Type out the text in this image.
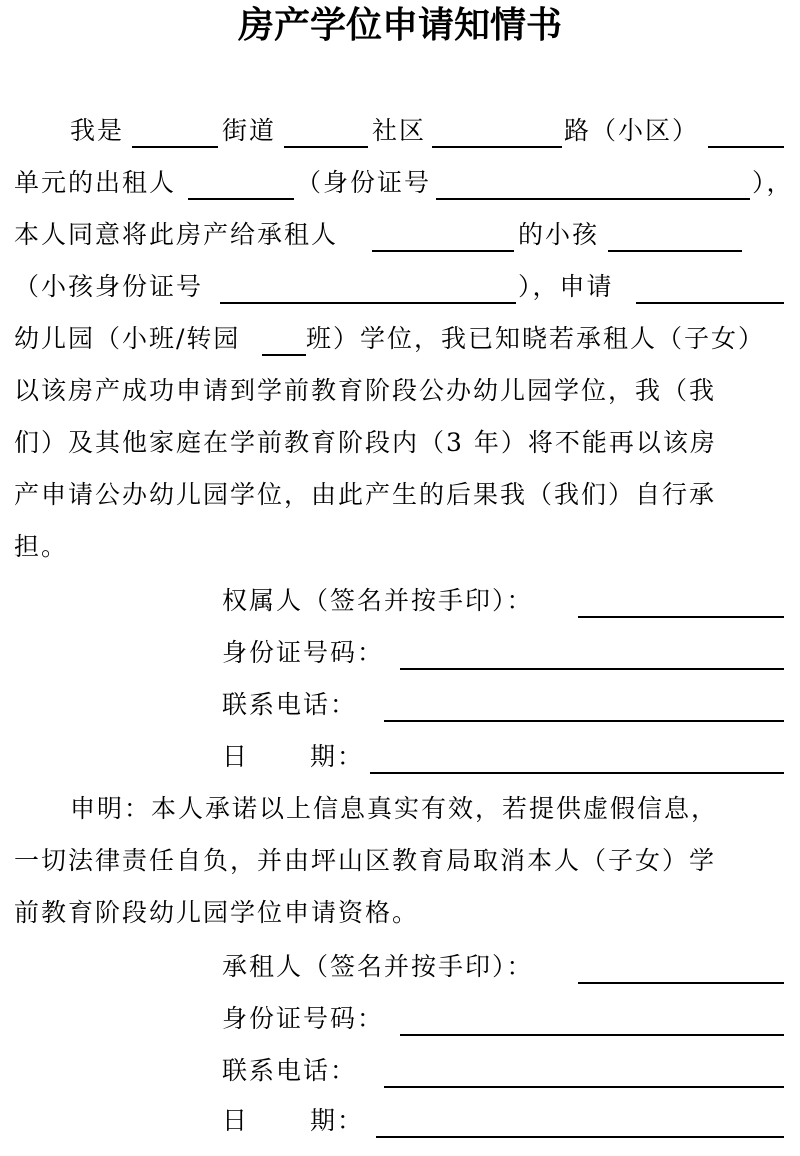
房产学位申请知情书
我是	街道	社区	路（小区）
单元的出租人	（身份证号	），
本人同意将此房产给承租人	的小孩
（小孩身份证号	），申请
幼儿园（小班/转园	班）学位，我已知晓若承租人（子女）
以该房产成功申请到学前教育阶段公办幼儿园学位，我（我
们）及其他家庭在学前教育阶段内（3 年）将不能再以该房
产申请公办幼儿园学位，由此产生的后果我（我们）自行承
担。
权属人（签名并按手印）：
身份证号码：
联系电话：
日 期：
申明：本人承诺以上信息真实有效，若提供虚假信息，
一切法律责任自负，并由坪山区教育局取消本人（子女）学
前教育阶段幼儿园学位申请资格。
承租人（签名并按手印）：
身份证号码：
联系电话：
日 期：
